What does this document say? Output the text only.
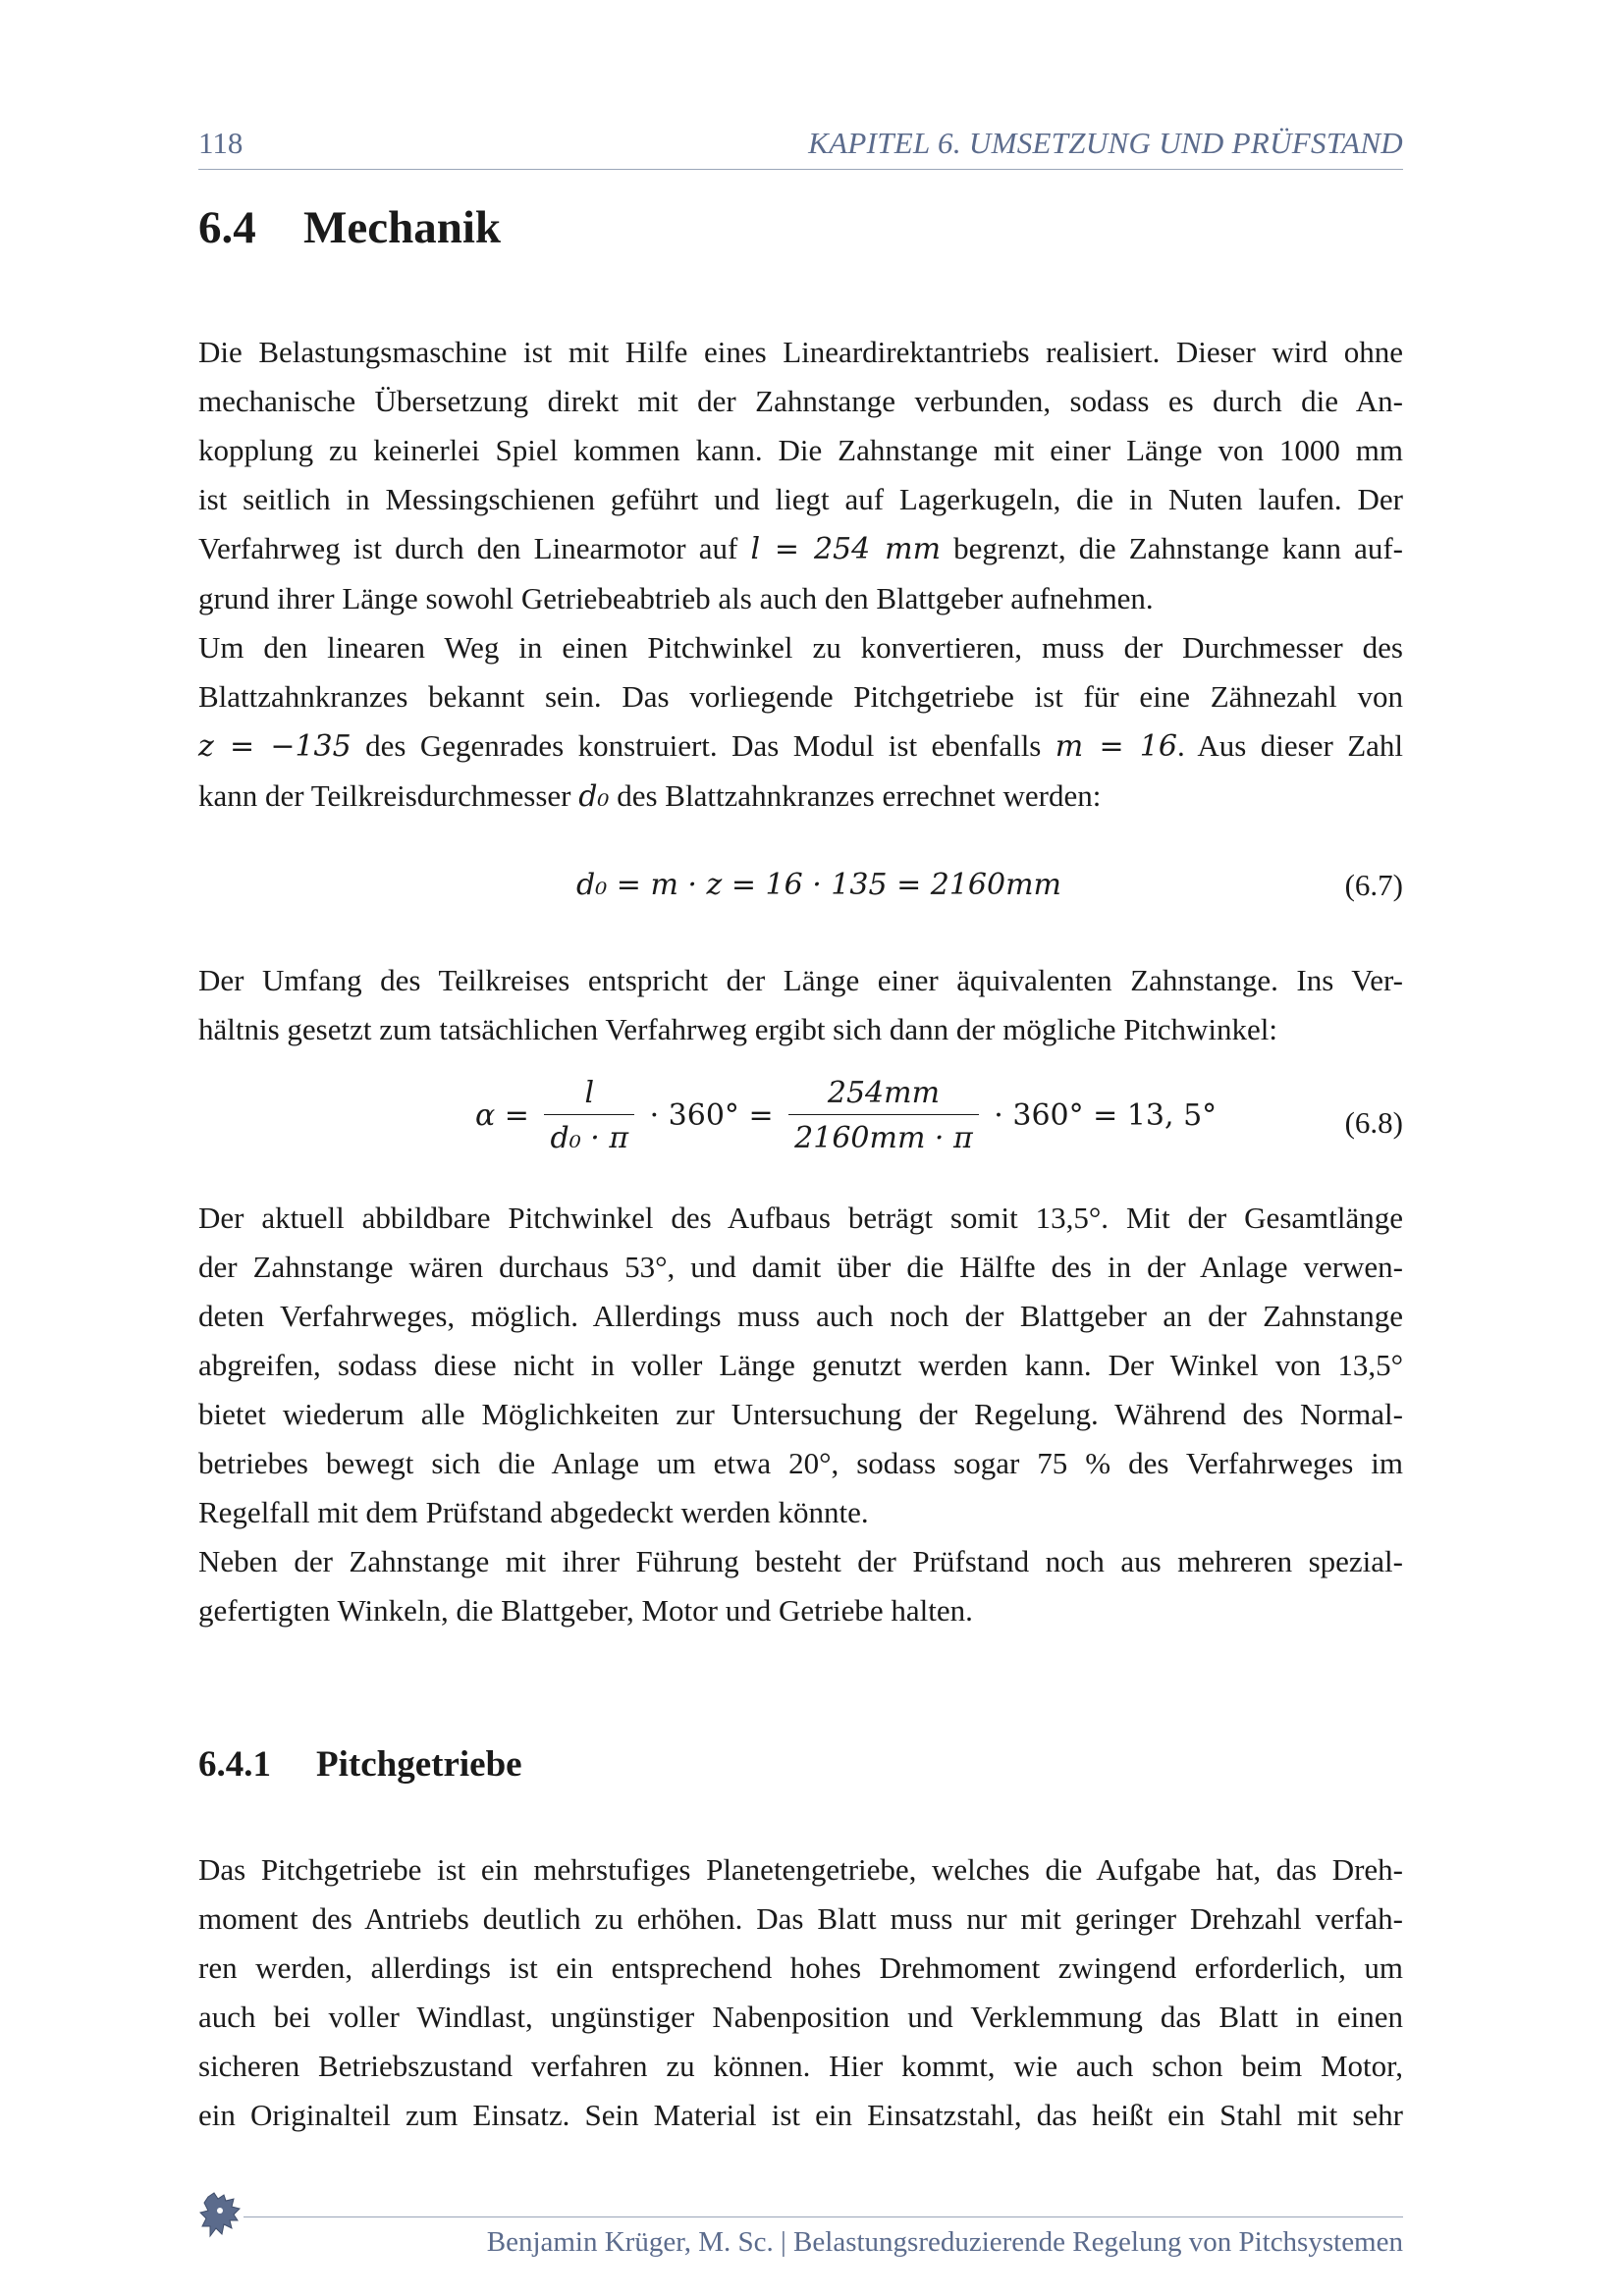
118	KAPITEL 6. UMSETZUNG UND PRÜFSTAND
6.4 Mechanik
Die Belastungsmaschine ist mit Hilfe eines Lineardirektantriebs realisiert. Dieser wird ohne
mechanische Übersetzung direkt mit der Zahnstange verbunden, sodass es durch die An-
kopplung zu keinerlei Spiel kommen kann. Die Zahnstange mit einer Länge von 1000 mm
ist seitlich in Messingschienen geführt und liegt auf Lagerkugeln, die in Nuten laufen. Der
Verfahrweg ist durch den Linearmotor auf l = 254 mm begrenzt, die Zahnstange kann auf-
grund ihrer Länge sowohl Getriebeabtrieb als auch den Blattgeber aufnehmen.
Um den linearen Weg in einen Pitchwinkel zu konvertieren, muss der Durchmesser des
Blattzahnkranzes bekannt sein. Das vorliegende Pitchgetriebe ist für eine Zähnezahl von
z = −135 des Gegenrades konstruiert. Das Modul ist ebenfalls m = 16. Aus dieser Zahl
kann der Teilkreisdurchmesser d₀ des Blattzahnkranzes errechnet werden:
d₀ = m · z = 16 · 135 = 2160mm	(6.7)
Der Umfang des Teilkreises entspricht der Länge einer äquivalenten Zahnstange. Ins Ver-
hältnis gesetzt zum tatsächlichen Verfahrweg ergibt sich dann der mögliche Pitchwinkel:
$\alpha = \frac{l}{\text{d₀ · π}} \cdot 360^\circ = \frac{254mm}{2160mm \cdot \pi} \cdot 360^\circ = 13$, 5°	(6.8)
Der aktuell abbildbare Pitchwinkel des Aufbaus beträgt somit 13,5°. Mit der Gesamtlänge
der Zahnstange wären durchaus 53°, und damit über die Hälfte des in der Anlage verwen-
deten Verfahrweges, möglich. Allerdings muss auch noch der Blattgeber an der Zahnstange
abgreifen, sodass diese nicht in voller Länge genutzt werden kann. Der Winkel von 13,5°
bietet wiederum alle Möglichkeiten zur Untersuchung der Regelung. Während des Normal-
betriebes bewegt sich die Anlage um etwa 20°, sodass sogar 75 % des Verfahrweges im
Regelfall mit dem Prüfstand abgedeckt werden könnte.
Neben der Zahnstange mit ihrer Führung besteht der Prüfstand noch aus mehreren spezial-
gefertigten Winkeln, die Blattgeber, Motor und Getriebe halten.
6.4.1 Pitchgetriebe
Das Pitchgetriebe ist ein mehrstufiges Planetengetriebe, welches die Aufgabe hat, das Dreh-
moment des Antriebs deutlich zu erhöhen. Das Blatt muss nur mit geringer Drehzahl verfah-
ren werden, allerdings ist ein entsprechend hohes Drehmoment zwingend erforderlich, um
auch bei voller Windlast, ungünstiger Nabenposition und Verklemmung das Blatt in einen
sicheren Betriebszustand verfahren zu können. Hier kommt, wie auch schon beim Motor,
ein Originalteil zum Einsatz. Sein Material ist ein Einsatzstahl, das heißt ein Stahl mit sehr
Benjamin Krüger, M. Sc. | Belastungsreduzierende Regelung von Pitchsystemen
